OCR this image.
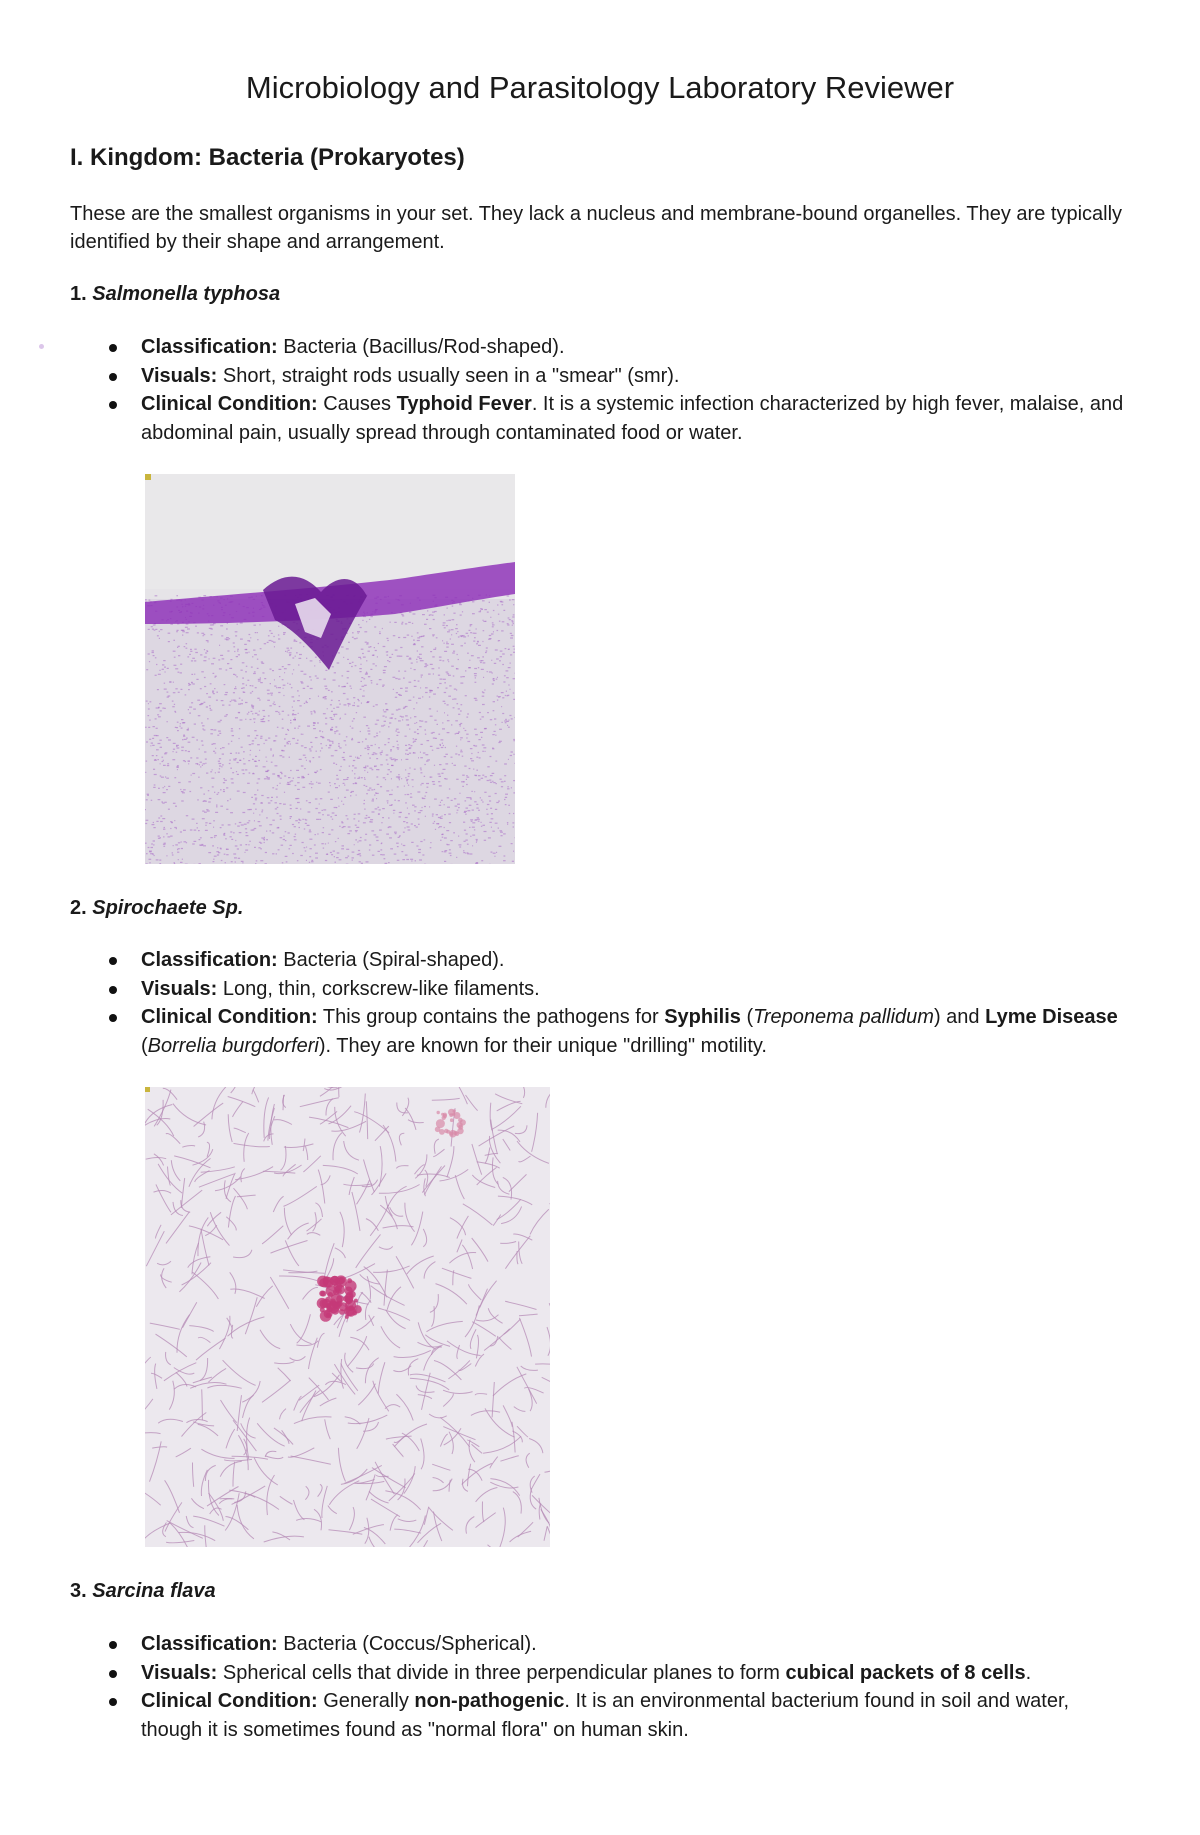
Microbiology and Parasitology Laboratory Reviewer
I. Kingdom: Bacteria (Prokaryotes)

These are the smallest organisms in your set. They lack a nucleus and membrane-bound organelles. They are typically identified by their shape and arrangement.

1. Salmonella typhosa
Classification: Bacteria (Bacillus/Rod-shaped).
Visuals: Short, straight rods usually seen in a "smear" (smr).
Clinical Condition: Causes Typhoid Fever. It is a systemic infection characterized by high fever, malaise, and abdominal pain, usually spread through contaminated food or water.
2. Spirochaete Sp.
Classification: Bacteria (Spiral-shaped).
Visuals: Long, thin, corkscrew-like filaments.
Clinical Condition: This group contains the pathogens for Syphilis (Treponema pallidum) and Lyme Disease (Borrelia burgdorferi). They are known for their unique "drilling" motility.
3. Sarcina flava
Classification: Bacteria (Coccus/Spherical).
Visuals: Spherical cells that divide in three perpendicular planes to form cubical packets of 8 cells.
Clinical Condition: Generally non-pathogenic. It is an environmental bacterium found in soil and water, though it is sometimes found as "normal flora" on human skin.
